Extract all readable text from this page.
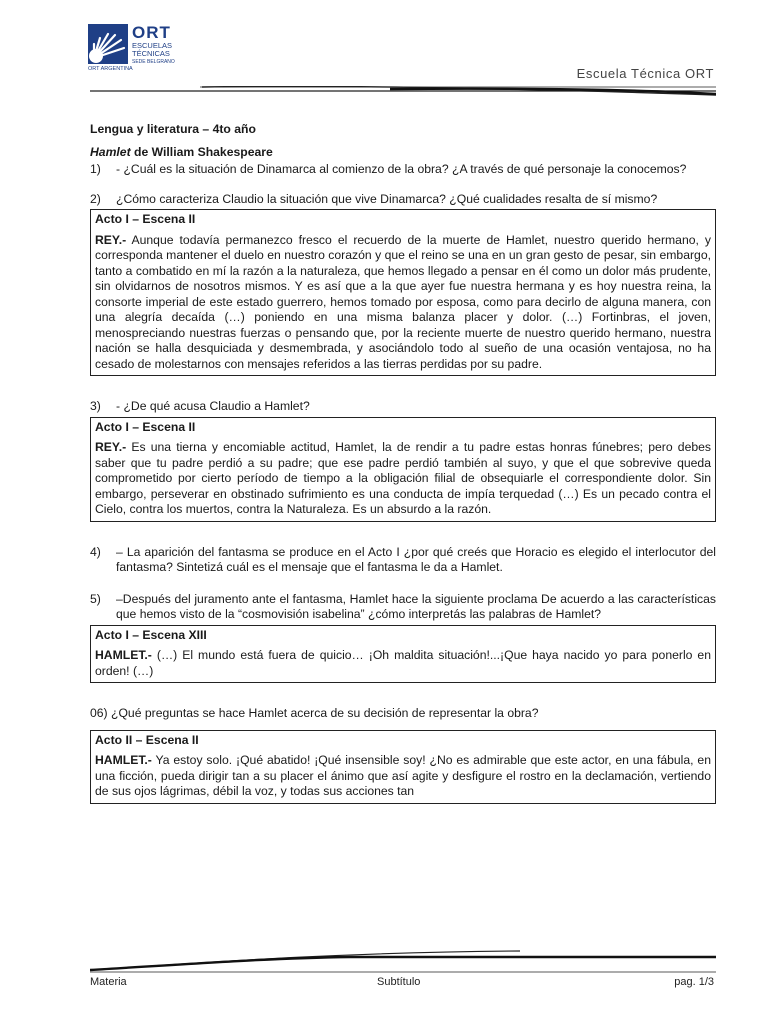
ORT
ESCUELAS
TÉCNICAS
SEDE BELGRANO
ORT ARGENTINA	Escuela Técnica ORT
Lengua y literatura – 4to año
Hamlet de William Shakespeare
1)	- ¿Cuál es la situación de Dinamarca al comienzo de la obra? ¿A través de qué personaje la conocemos?
2)	¿Cómo caracteriza Claudio la situación que vive Dinamarca? ¿Qué cualidades resalta de sí mismo?
Acto I – Escena II
REY.- Aunque todavía permanezco fresco el recuerdo de la muerte de Hamlet, nuestro querido hermano, y corresponda mantener el duelo en nuestro corazón y que el reino se una en un gran gesto de pesar, sin embargo, tanto a combatido en mí la razón a la naturaleza, que hemos llegado a pensar en él como un dolor más prudente, sin olvidarnos de nosotros mismos. Y es así que a la que ayer fue nuestra hermana y es hoy nuestra reina, la consorte imperial de este estado guerrero, hemos tomado por esposa, como para decirlo de alguna manera, con una alegría decaída (…) poniendo en una misma balanza placer y dolor. (…) Fortinbras, el joven, menospreciando nuestras fuerzas o pensando que, por la reciente muerte de nuestro querido hermano, nuestra nación se halla desquiciada y desmembrada, y asociándolo todo al sueño de una ocasión ventajosa, no ha cesado de molestarnos con mensajes referidos a las tierras perdidas por su padre.
3)	- ¿De qué acusa Claudio a Hamlet?
Acto I – Escena II
REY.- Es una tierna y encomiable actitud, Hamlet, la de rendir a tu padre estas honras fúnebres; pero debes saber que tu padre perdió a su padre; que ese padre perdió también al suyo, y que el que sobrevive queda comprometido por cierto período de tiempo a la obligación filial de obsequiarle el correspondiente dolor. Sin embargo, perseverar en obstinado sufrimiento es una conducta de impía terquedad (…) Es un pecado contra el Cielo, contra los muertos, contra la Naturaleza. Es un absurdo a la razón.
4)	– La aparición del fantasma se produce en el Acto I ¿por qué creés que Horacio es elegido el interlocutor del fantasma? Sintetizá cuál es el mensaje que el fantasma le da a Hamlet.
5)	–Después del juramento ante el fantasma, Hamlet hace la siguiente proclama De acuerdo a las características que hemos visto de la “cosmovisión isabelina” ¿cómo interpretás las palabras de Hamlet?
Acto I – Escena XIII
HAMLET.- (…) El mundo está fuera de quicio… ¡Oh maldita situación!...¡Que haya nacido yo para ponerlo en orden! (…)
06) ¿Qué preguntas se hace Hamlet acerca de su decisión de representar la obra?
Acto II – Escena II
HAMLET.- Ya estoy solo. ¡Qué abatido! ¡Qué insensible soy! ¿No es admirable que este actor, en una fábula, en una ficción, pueda dirigir tan a su placer el ánimo que así agite y desfigure el rostro en la declamación, vertiendo de sus ojos lágrimas, débil la voz, y todas sus acciones tan
Materia	Subtítulo	pag. 1/3
